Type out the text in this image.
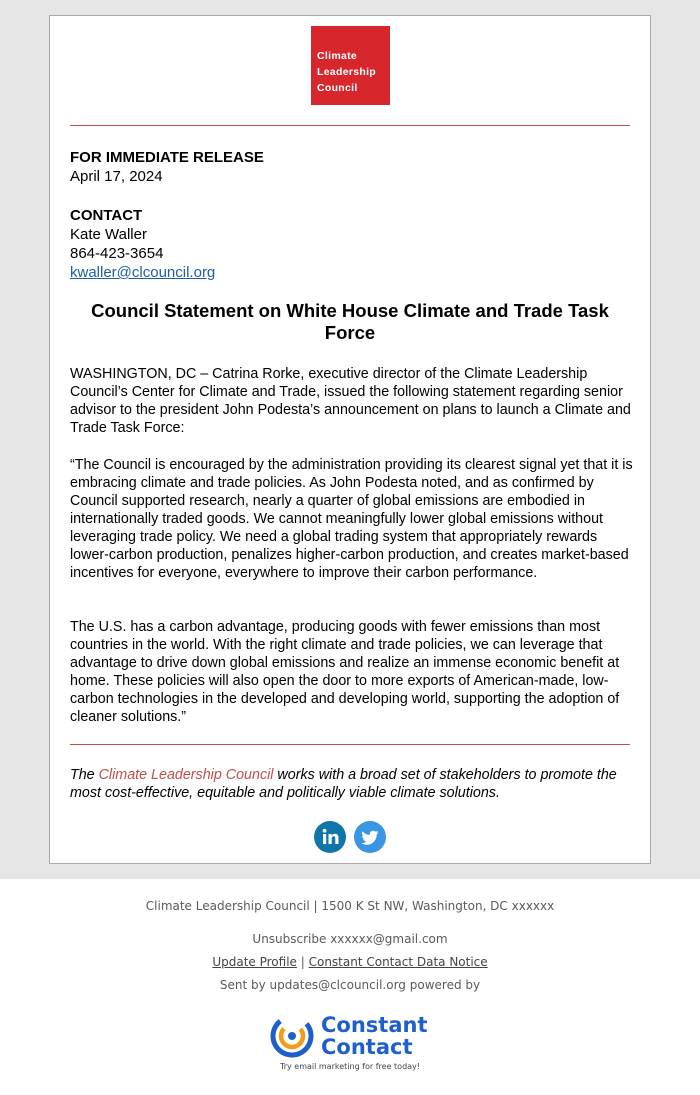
Climate
Leadership
Council
FOR IMMEDIATE RELEASE
April 17, 2024
CONTACT
Kate Waller
864-423-3654
kwaller@clcouncil.org
Council Statement on White House Climate and Trade Task Force
WASHINGTON, DC – Catrina Rorke, executive director of the Climate Leadership Council’s Center for Climate and Trade, issued the following statement regarding senior advisor to the president John Podesta’s announcement on plans to launch a Climate and Trade Task Force:
“The Council is encouraged by the administration providing its clearest signal yet that it is embracing climate and trade policies. As John Podesta noted, and as confirmed by Council supported research, nearly a quarter of global emissions are embodied in internationally traded goods. We cannot meaningfully lower global emissions without leveraging trade policy. We need a global trading system that appropriately rewards lower-carbon production, penalizes higher-carbon production, and creates market-based incentives for everyone, everywhere to improve their carbon performance.
The U.S. has a carbon advantage, producing goods with fewer emissions than most countries in the world. With the right climate and trade policies, we can leverage that advantage to drive down global emissions and realize an immense economic benefit at home. These policies will also open the door to more exports of American-made, low-carbon technologies in the developed and developing world, supporting the adoption of cleaner solutions.”
The Climate Leadership Council works with a broad set of stakeholders to promote the most cost-effective, equitable and politically viable climate solutions.
Climate Leadership Council | 1500 K St NW, Washington, DC xxxxxx
Unsubscribe xxxxxx@gmail.com
Update Profile | Constant Contact Data Notice
Sent by updates@clcouncil.org powered by
Constant
Contact
Try email marketing for free today!
